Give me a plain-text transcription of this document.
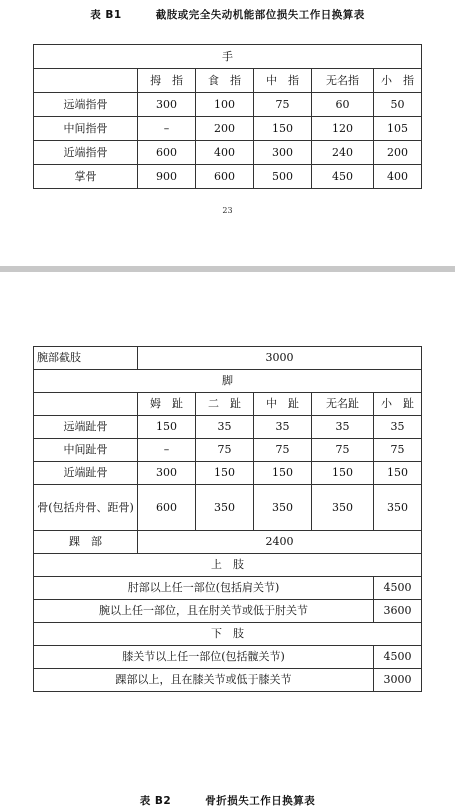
表 B1	截肢或完全失动机能部位损失工作日换算表
手					
	拇　指	食　指	中　指	无名指	小　指
远端指骨	300	100	75	60	50
中间指骨	–	200	150	120	105
近端指骨	600	400	300	240	200
掌骨	900	600	500	450	400
23
腕部截肢	3000				
脚					
	姆　趾	二　趾	中　趾	无名趾	小　趾
远端趾骨	150	35	35	35	35
中间趾骨	–	75	75	75	75
近端趾骨	300	150	150	150	150
骨(包括舟骨、距骨)	600	350	350	350	350
踝　部	2400				
上　肢					
肘部以上任一部位(包括肩关节)					4500
腕以上任一部位，且在肘关节或低于肘关节					3600
下　肢					
膝关节以上任一部位(包括髋关节)					4500
踝部以上，且在膝关节或低于膝关节					3000
表 B2	骨折损失工作日换算表
